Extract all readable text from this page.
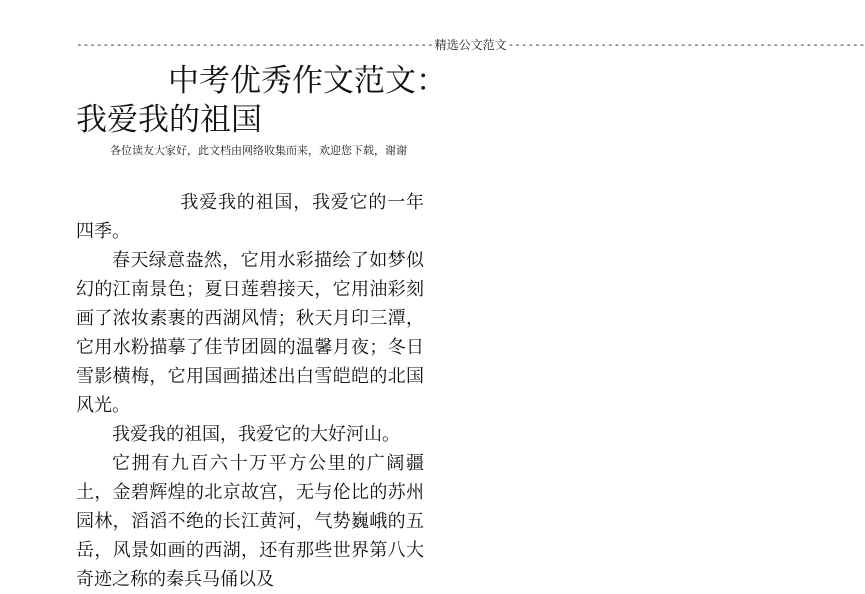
------------------------------------------------------ 精选公文范文 ------------------------------------------------------
中考优秀作文范文：
我爱我的祖国
各位读友大家好，此文档由网络收集而来，欢迎您下载，谢谢

我爱我的祖国，我爱它的一年四季。

春天绿意盎然，它用水彩描绘了如梦似幻的江南景色；夏日莲碧接天，它用油彩刻画了浓妆素裹的西湖风情；秋天月印三潭，它用水粉描摹了佳节团圆的温馨月夜；冬日雪影横梅，它用国画描述出白雪皑皑的北国风光。

我爱我的祖国，我爱它的大好河山。

它拥有九百六十万平方公里的广阔疆土，金碧辉煌的北京故宫，无与伦比的苏州园林，滔滔不绝的长江黄河，气势巍峨的五岳，风景如画的西湖，还有那些世界第八大奇迹之称的秦兵马俑以及
